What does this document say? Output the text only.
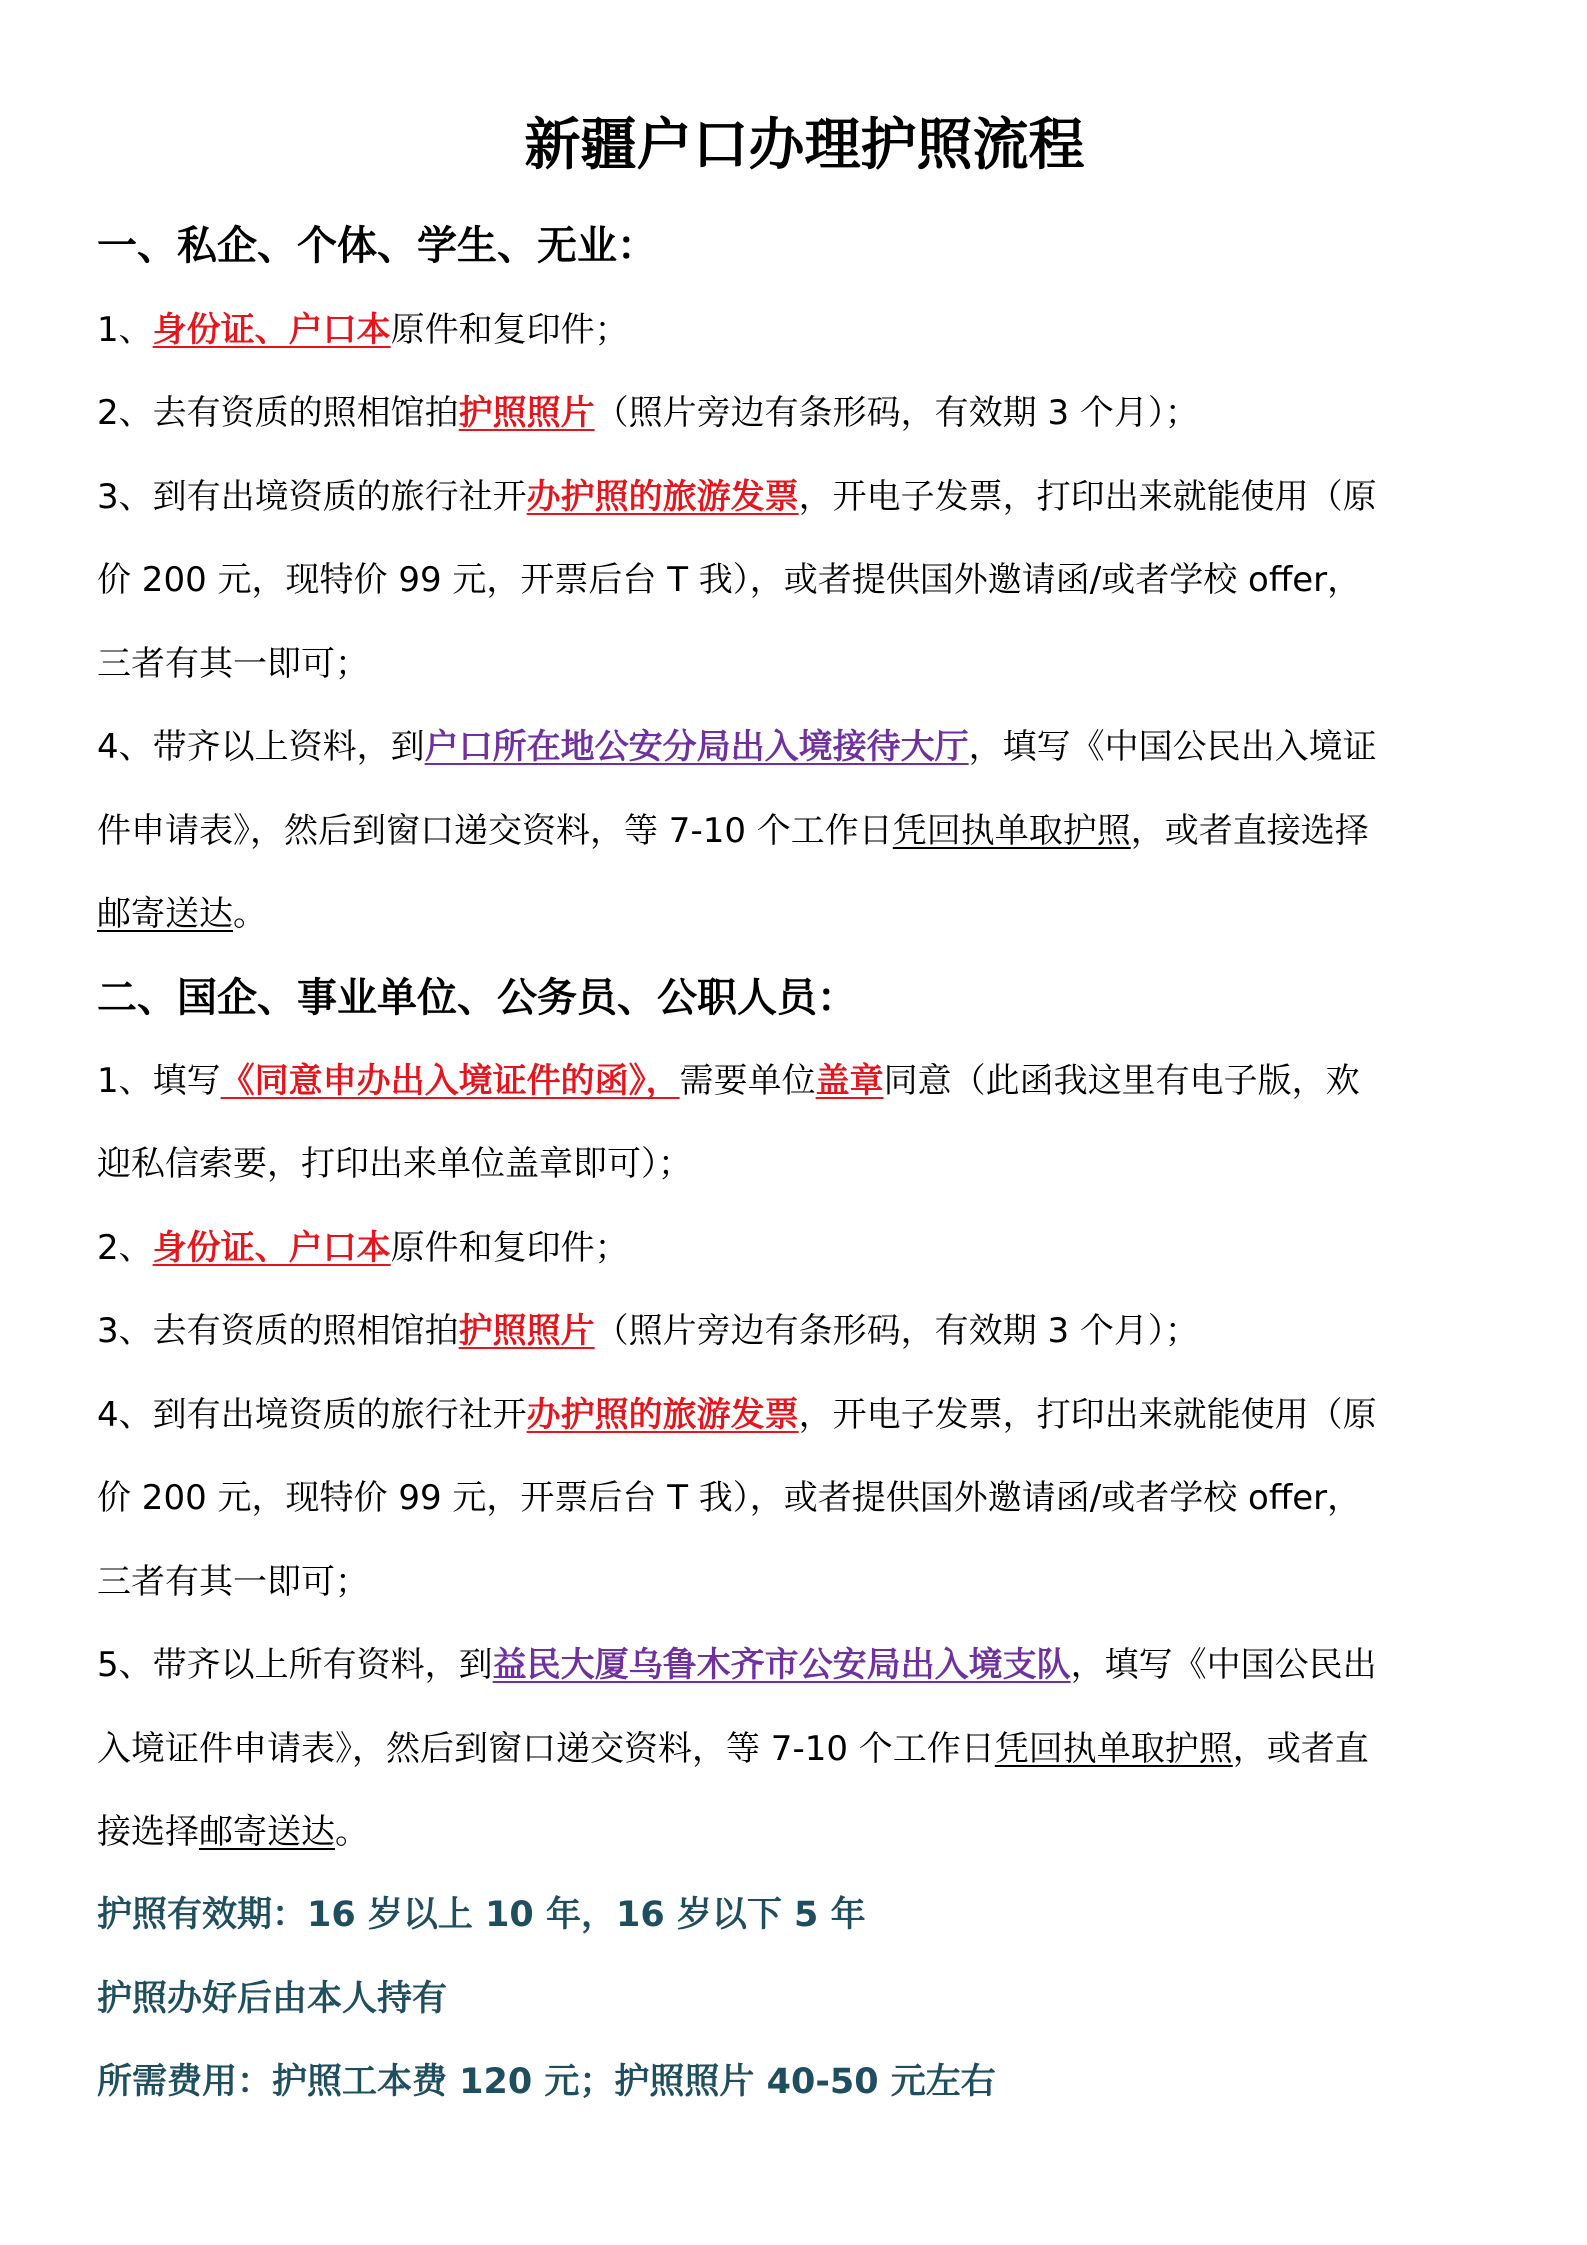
新疆户口办理护照流程
一、私企、个体、学生、无业：
1、身份证、户口本原件和复印件；
2、去有资质的照相馆拍护照照片（照片旁边有条形码，有效期 3 个月）；
3、到有出境资质的旅行社开办护照的旅游发票，开电子发票，打印出来就能使用（原
价 200 元，现特价 99 元，开票后台 T 我），或者提供国外邀请函/或者学校 offer，
三者有其一即可；
4、带齐以上资料，到户口所在地公安分局出入境接待大厅，填写《中国公民出入境证
件申请表》，然后到窗口递交资料，等 7-10 个工作日凭回执单取护照，或者直接选择
邮寄送达。
二、国企、事业单位、公务员、公职人员：
1、填写《同意申办出入境证件的函》，需要单位盖章同意（此函我这里有电子版，欢
迎私信索要，打印出来单位盖章即可）；
2、身份证、户口本原件和复印件；
3、去有资质的照相馆拍护照照片（照片旁边有条形码，有效期 3 个月）；
4、到有出境资质的旅行社开办护照的旅游发票，开电子发票，打印出来就能使用（原
价 200 元，现特价 99 元，开票后台 T 我），或者提供国外邀请函/或者学校 offer，
三者有其一即可；
5、带齐以上所有资料，到益民大厦乌鲁木齐市公安局出入境支队，填写《中国公民出
入境证件申请表》，然后到窗口递交资料，等 7-10 个工作日凭回执单取护照，或者直
接选择邮寄送达。
护照有效期：16 岁以上 10 年，16 岁以下 5 年
护照办好后由本人持有
所需费用：护照工本费 120 元；护照照片 40-50 元左右
